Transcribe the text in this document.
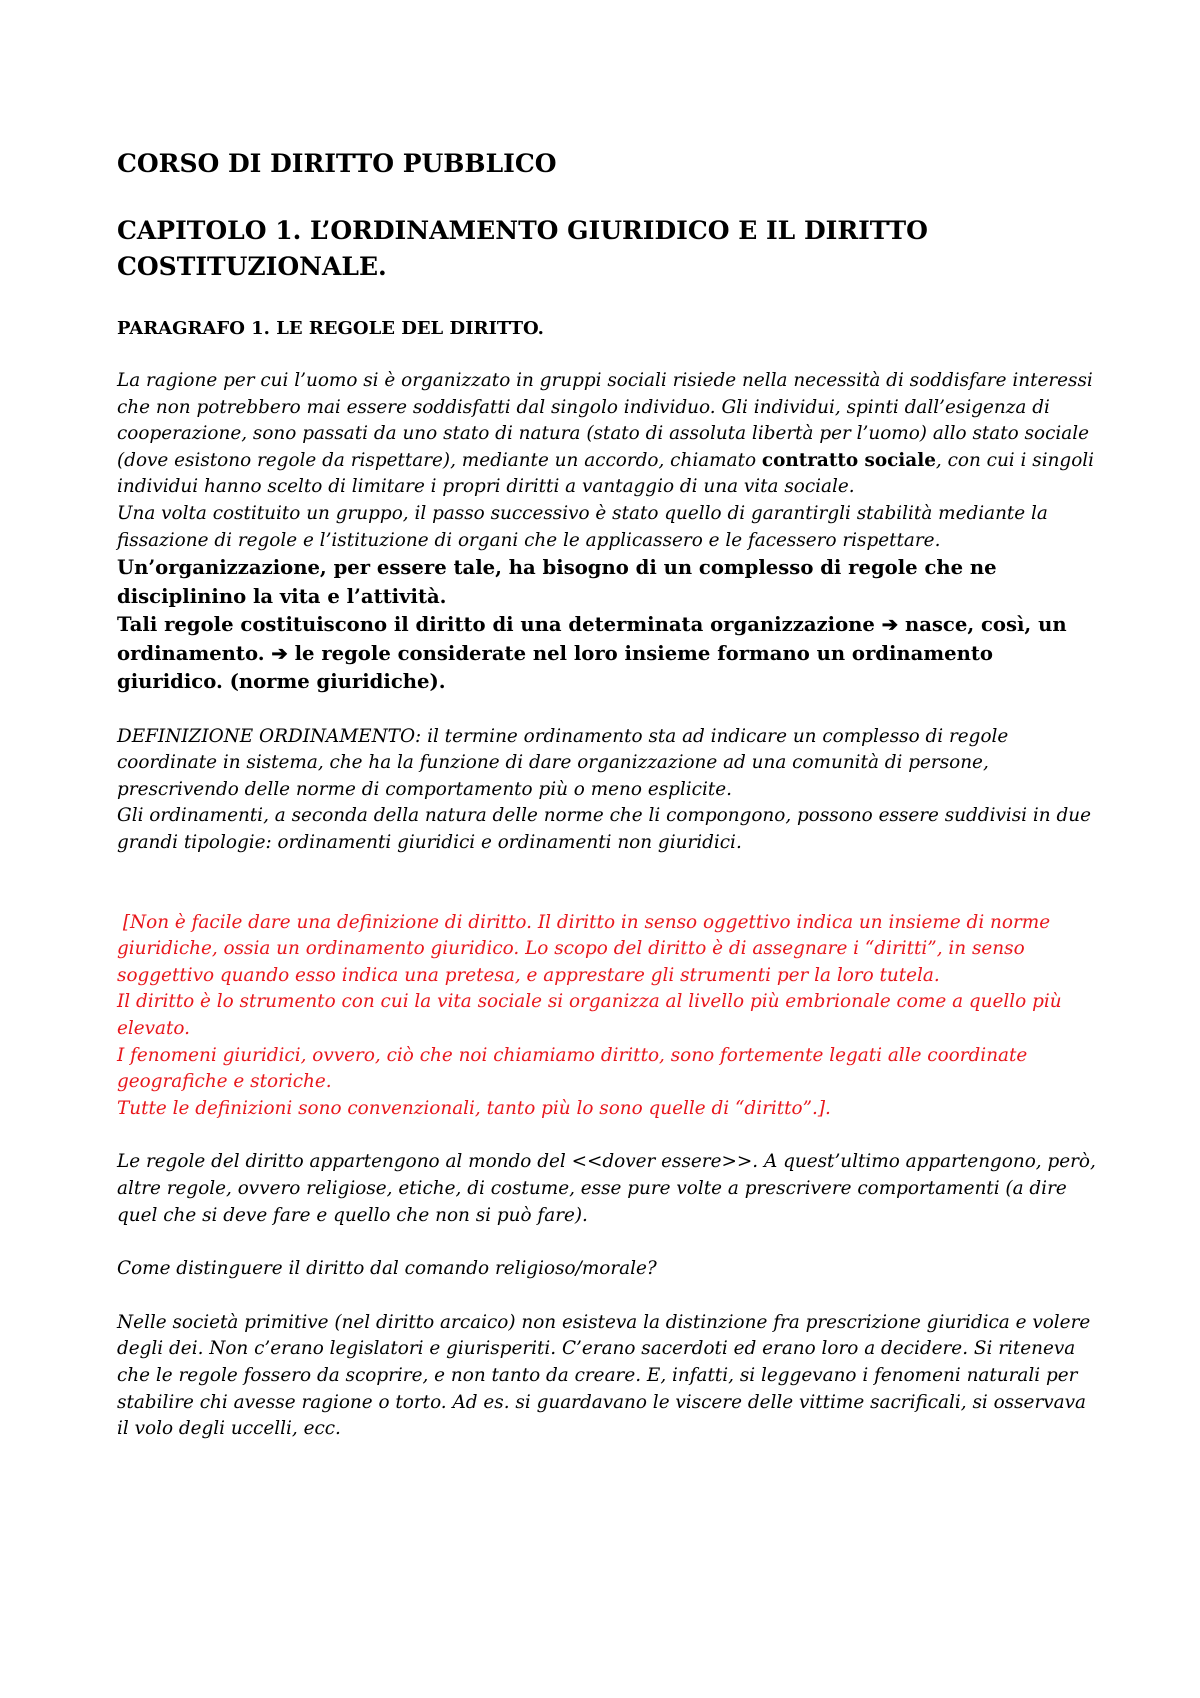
CORSO DI DIRITTO PUBBLICO
CAPITOLO 1. L’ORDINAMENTO GIURIDICO E IL DIRITTO COSTITUZIONALE.
PARAGRAFO 1. LE REGOLE DEL DIRITTO.

La ragione per cui l’uomo si è organizzato in gruppi sociali risiede nella necessità di soddisfare interessi che non potrebbero mai essere soddisfatti dal singolo individuo. Gli individui, spinti dall’esigenza di cooperazione, sono passati da uno stato di natura (stato di assoluta libertà per l’uomo) allo stato sociale (dove esistono regole da rispettare), mediante un accordo, chiamato contratto sociale, con cui i singoli individui hanno scelto di limitare i propri diritti a vantaggio di una vita sociale.

Una volta costituito un gruppo, il passo successivo è stato quello di garantirgli stabilità mediante la fissazione di regole e l’istituzione di organi che le applicassero e le facessero rispettare.

Un’organizzazione, per essere tale, ha bisogno di un complesso di regole che ne disciplinino la vita e l’attività.

Tali regole costituiscono il diritto di una determinata organizzazione ➔ nasce, così, un ordinamento. ➔ le regole considerate nel loro insieme formano un ordinamento giuridico. (norme giuridiche).

DEFINIZIONE ORDINAMENTO: il termine ordinamento sta ad indicare un complesso di regole coordinate in sistema, che ha la funzione di dare organizzazione ad una comunità di persone, prescrivendo delle norme di comportamento più o meno esplicite.

Gli ordinamenti, a seconda della natura delle norme che li compongono, possono essere suddivisi in due grandi tipologie: ordinamenti giuridici e ordinamenti non giuridici.

[Non è facile dare una definizione di diritto. Il diritto in senso oggettivo indica un insieme di norme giuridiche, ossia un ordinamento giuridico. Lo scopo del diritto è di assegnare i “diritti”, in senso soggettivo quando esso indica una pretesa, e apprestare gli strumenti per la loro tutela.

Il diritto è lo strumento con cui la vita sociale si organizza al livello più embrionale come a quello più elevato.

I fenomeni giuridici, ovvero, ciò che noi chiamiamo diritto, sono fortemente legati alle coordinate geografiche e storiche.

Tutte le definizioni sono convenzionali, tanto più lo sono quelle di “diritto”.].

Le regole del diritto appartengono al mondo del <<dover essere>>. A quest’ultimo appartengono, però, altre regole, ovvero religiose, etiche, di costume, esse pure volte a prescrivere comportamenti (a dire quel che si deve fare e quello che non si può fare).

Come distinguere il diritto dal comando religioso/morale?

Nelle società primitive (nel diritto arcaico) non esisteva la distinzione fra prescrizione giuridica e volere degli dei. Non c’erano legislatori e giurisperiti. C’erano sacerdoti ed erano loro a decidere. Si riteneva che le regole fossero da scoprire, e non tanto da creare. E, infatti, si leggevano i fenomeni naturali per stabilire chi avesse ragione o torto. Ad es. si guardavano le viscere delle vittime sacrificali, si osservava il volo degli uccelli, ecc.
